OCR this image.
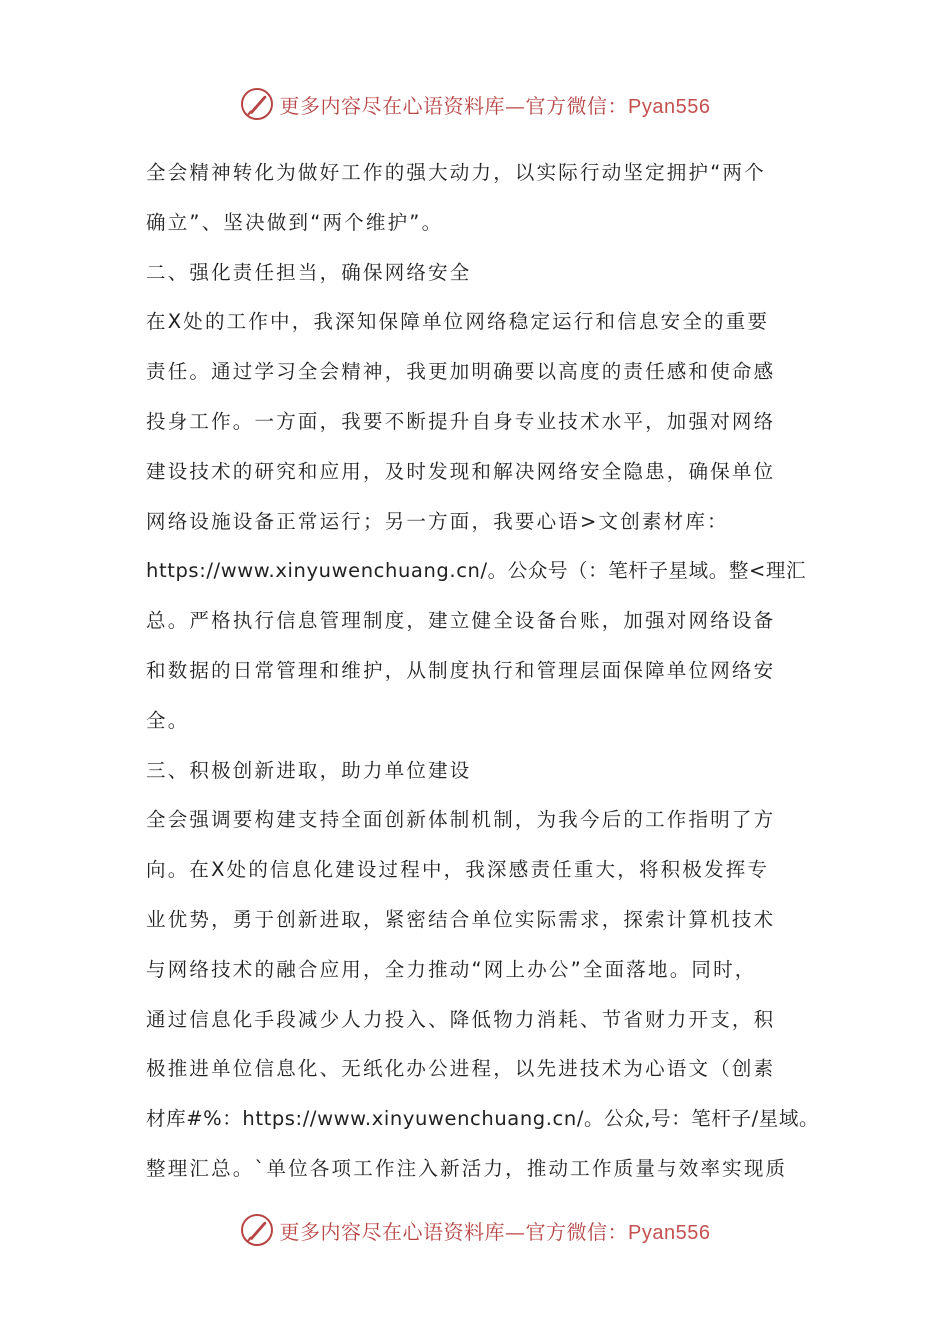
更多内容尽在心语资料库—官方微信：Pyan556
全会精神转化为做好工作的强大动力，以实际行动坚定拥护“两个
确立”、坚决做到“两个维护”。
二、强化责任担当，确保网络安全
在X处的工作中，我深知保障单位网络稳定运行和信息安全的重要
责任。通过学习全会精神，我更加明确要以高度的责任感和使命感
投身工作。一方面，我要不断提升自身专业技术水平，加强对网络
建设技术的研究和应用，及时发现和解决网络安全隐患，确保单位
网络设施设备正常运行；另一方面，我要心语>文创素材库：
https://www.xinyuwenchuang.cn/。公众号（：笔杆子星域。整<理汇
总。严格执行信息管理制度，建立健全设备台账，加强对网络设备
和数据的日常管理和维护，从制度执行和管理层面保障单位网络安
全。
三、积极创新进取，助力单位建设
全会强调要构建支持全面创新体制机制，为我今后的工作指明了方
向。在X处的信息化建设过程中，我深感责任重大，将积极发挥专
业优势，勇于创新进取，紧密结合单位实际需求，探索计算机技术
与网络技术的融合应用，全力推动“网上办公”全面落地。同时，
通过信息化手段减少人力投入、降低物力消耗、节省财力开支，积
极推进单位信息化、无纸化办公进程，以先进技术为心语文（创素
材库#%：https://www.xinyuwenchuang.cn/。公众,号：笔杆子/星域。
整理汇总。`单位各项工作注入新活力，推动工作质量与效率实现质
更多内容尽在心语资料库—官方微信：Pyan556
